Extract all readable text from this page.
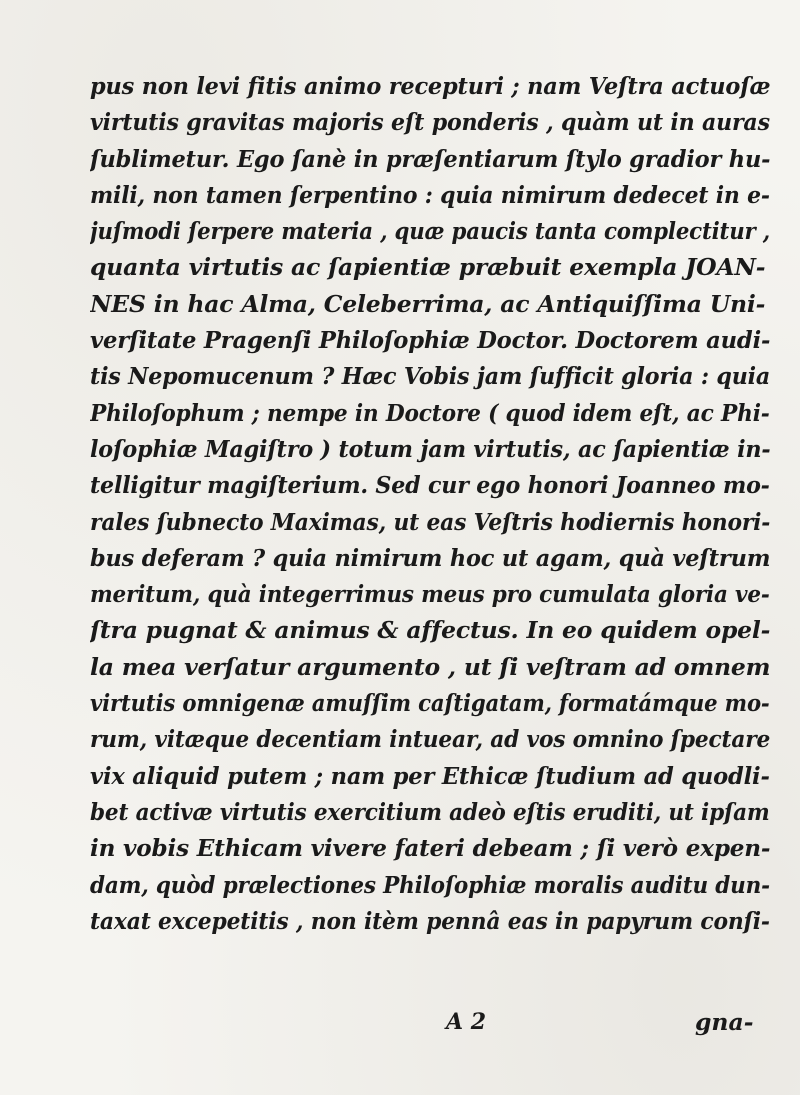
pus non levi fitis animo recepturi ; nam Veſtra actuoſæ
virtutis gravitas majoris eſt ponderis , quàm ut in auras
ſublimetur. Ego ſanè in præſentiarum ſtylo gradior hu-
mili, non tamen ſerpentino : quia nimirum dedecet in e-
juſmodi ſerpere materia , quæ paucis tanta complectitur ,
quanta virtutis ac ſapientiæ præbuit exempla JOAN-
NES in hac Alma, Celeberrima, ac Antiquiſſima Uni-
verſitate Pragenſi Philoſophiæ Doctor. Doctorem audi-
tis Nepomucenum ? Hæc Vobis jam ſufficit gloria : quia
Philoſophum ; nempe in Doctore ( quod idem eſt, ac Phi-
loſophiæ Magiſtro ) totum jam virtutis, ac ſapientiæ in-
telligitur magiſterium. Sed cur ego honori Joanneo mo-
rales ſubnecto Maximas, ut eas Veſtris hodiernis honori-
bus deferam ? quia nimirum hoc ut agam, quà veſtrum
meritum, quà integerrimus meus pro cumulata gloria ve-
ſtra pugnat & animus & affectus. In eo quidem opel-
la mea verſatur argumento , ut ſi veſtram ad omnem
virtutis omnigenæ amuſſim caſtigatam, formatámque mo-
rum, vitæque decentiam intuear, ad vos omnino ſpectare
vix aliquid putem ; nam per Ethicæ ſtudium ad quodli-
bet activæ virtutis exercitium adeò eſtis eruditi, ut ipſam
in vobis Ethicam vivere fateri debeam ; ſi verò expen-
dam, quòd prælectiones Philoſophiæ moralis auditu dun-
taxat excepetitis , non itèm pennâ eas in papyrum conſi-
A 2	gna-
